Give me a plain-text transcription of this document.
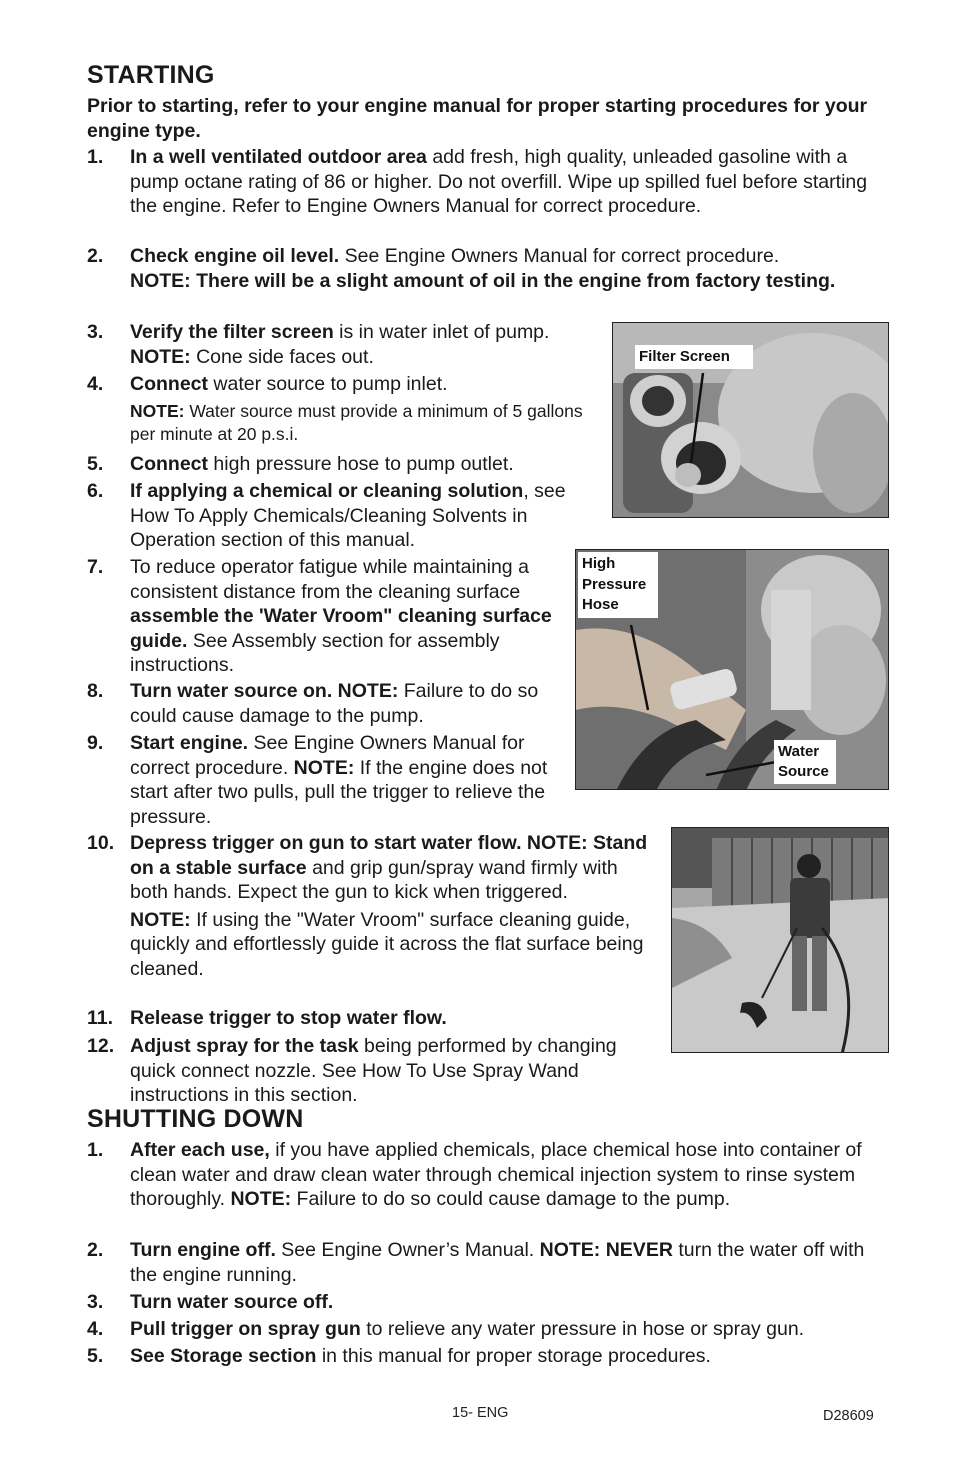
STARTING
Prior to starting, refer to your engine manual for proper starting procedures for your engine type.
1.	In a well ventilated outdoor area add fresh, high quality, unleaded gasoline with a pump octane rating of 86 or higher. Do not overfill. Wipe up spilled fuel before starting the engine. Refer to Engine Owners Manual for correct procedure.
2.	Check engine oil level. See Engine Owners Manual for correct procedure.
NOTE: There will be a slight amount of oil in the engine from factory testing.
3.	Verify the filter screen is in water inlet of pump.
NOTE: Cone side faces out.
4.	Connect water source to pump inlet.
NOTE: Water source must provide a minimum of 5 gallons per minute at 20 p.s.i.
5.	Connect high pressure hose to pump outlet.
6.	If applying a chemical or cleaning solution, see How To Apply Chemicals/Cleaning Solvents in Operation section of this manual.
7.	To reduce operator fatigue while maintaining a consistent distance from the cleaning surface assemble the 'Water Vroom" cleaning surface guide. See Assembly section for assembly instructions.
8.	Turn water source on. NOTE: Failure to do so could cause damage to the pump.
9.	Start engine. See Engine Owners Manual for correct procedure. NOTE: If the engine does not start after two pulls, pull the trigger to relieve the pressure.
10. Depress trigger on gun to start water flow. NOTE: Stand on a stable surface and grip gun/spray wand firmly with both hands. Expect the gun to kick when triggered.
NOTE: If using the "Water Vroom" surface cleaning guide, quickly and effortlessly guide it across the flat surface being cleaned.
11. Release trigger to stop water flow.
12. Adjust spray for the task being performed by changing quick connect nozzle. See How To Use Spray Wand instructions in this section.
SHUTTING DOWN
1.	After each use, if you have applied chemicals, place chemical hose into container of clean water and draw clean water through chemical injection system to rinse system thoroughly. NOTE: Failure to do so could cause damage to the pump.
2.	Turn engine off. See Engine Owner’s Manual. NOTE: NEVER turn the water off with the engine running.
3.	Turn water source off.
4.	Pull trigger on spray gun to relieve any water pressure in hose or spray gun.
5.	See Storage section in this manual for proper storage procedures.
Filter Screen
High Pressure Hose
Water Source
15- ENG	D28609
